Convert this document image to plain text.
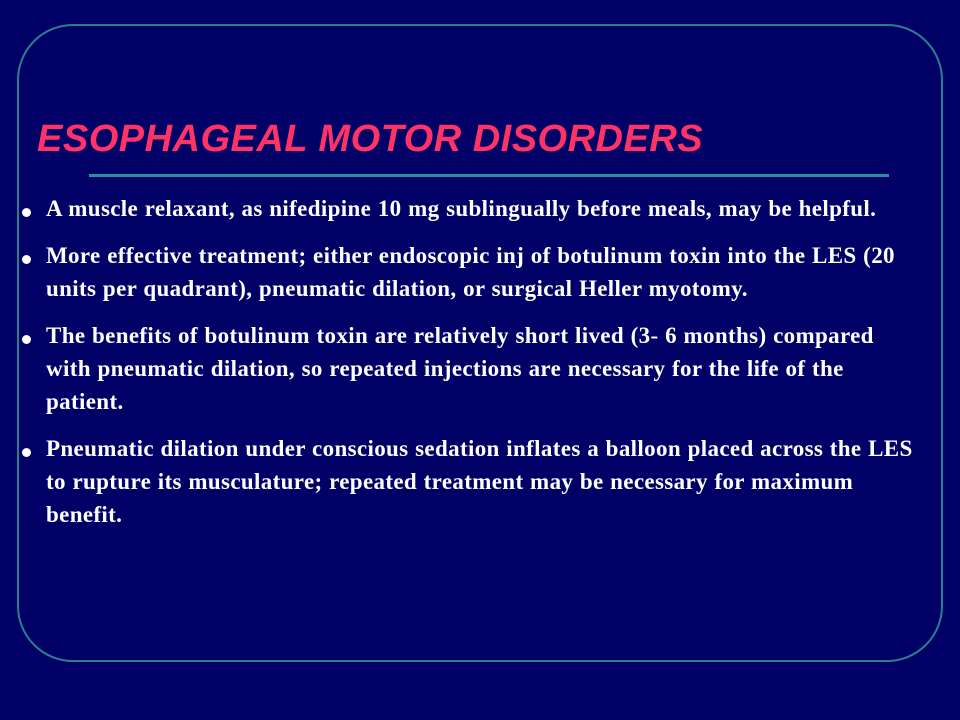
ESOPHAGEAL MOTOR DISORDERS
A muscle relaxant, as nifedipine 10 mg sublingually before meals, may be helpful.
More effective treatment; either endoscopic inj of botulinum toxin into the LES (20 units per quadrant), pneumatic dilation, or surgical Heller myotomy.
The benefits of botulinum toxin are relatively short lived (3- 6 months) compared with pneumatic dilation, so repeated injections are necessary for the life of the patient.
Pneumatic dilation under conscious sedation inflates a balloon placed across the LES to rupture its musculature; repeated treatment may be necessary for maximum benefit.
